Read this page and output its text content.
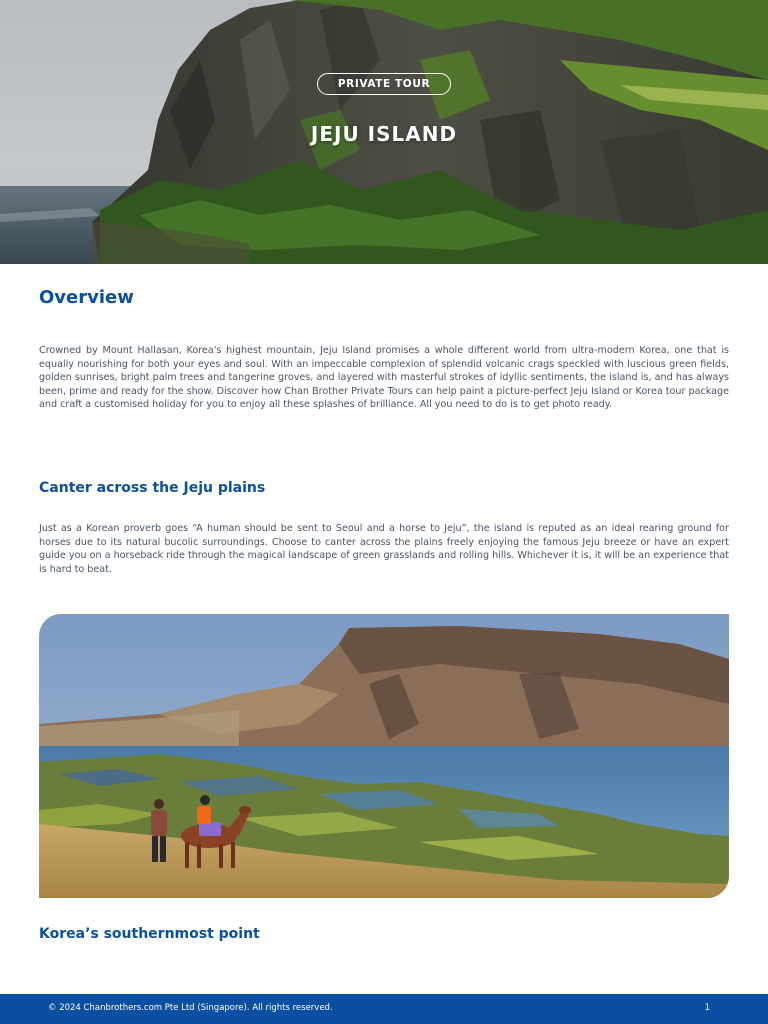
PRIVATE TOUR
JEJU ISLAND
Overview

Crowned by Mount Hallasan, Korea's highest mountain, Jeju Island promises a whole different world from ultra-modern Korea, one that is equally nourishing for both your eyes and soul. With an impeccable complexion of splendid volcanic crags speckled with luscious green fields, golden sunrises, bright palm trees and tangerine groves, and layered with masterful strokes of idyllic sentiments, the island is, and has always been, prime and ready for the show. Discover how Chan Brother Private Tours can help paint a picture-perfect Jeju Island or Korea tour package and craft a customised holiday for you to enjoy all these splashes of brilliance. All you need to do is to get photo ready.

Canter across the Jeju plains

Just as a Korean proverb goes “A human should be sent to Seoul and a horse to Jeju”, the island is reputed as an ideal rearing ground for horses due to its natural bucolic surroundings. Choose to canter across the plains freely enjoying the famous Jeju breeze or have an expert guide you on a horseback ride through the magical landscape of green grasslands and rolling hills. Whichever it is, it will be an experience that is hard to beat.

Korea’s southernmost point
© 2024 Chanbrothers.com Pte Ltd (Singapore). All rights reserved.	1
